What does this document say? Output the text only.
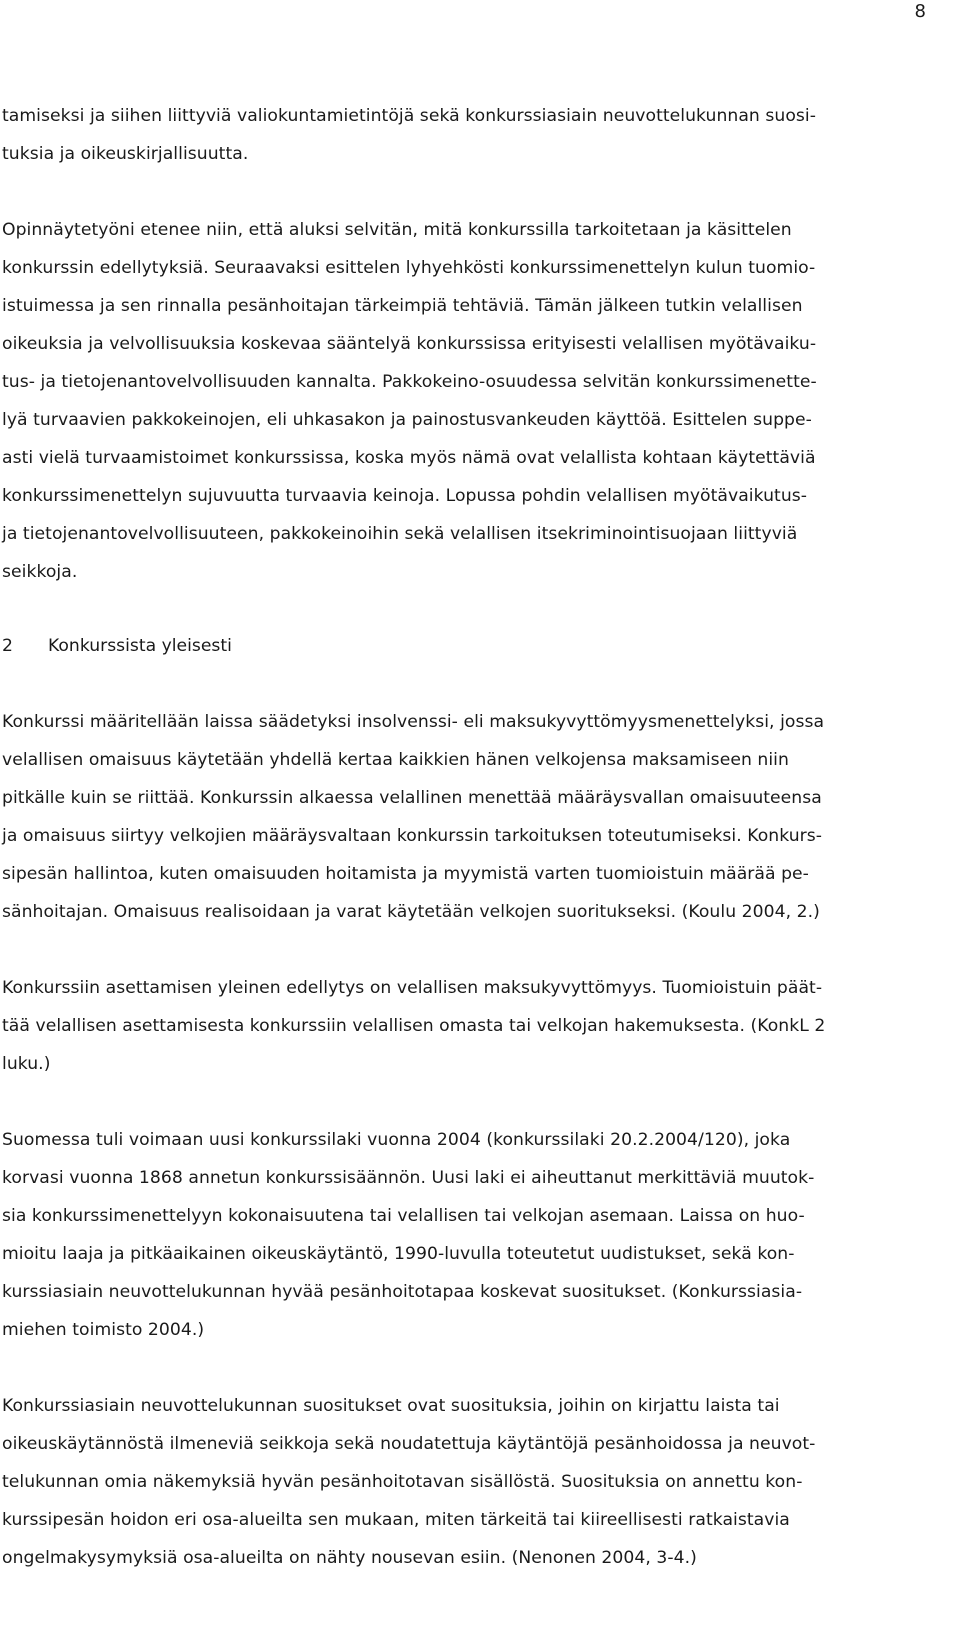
8
tamiseksi ja siihen liittyviä valiokuntamietintöjä sekä konkurssiasiain neuvottelukunnan suosi-
tuksia ja oikeuskirjallisuutta.
Opinnäytetyöni etenee niin, että aluksi selvitän, mitä konkurssilla tarkoitetaan ja käsittelen
konkurssin edellytyksiä. Seuraavaksi esittelen lyhyehkösti konkurssimenettelyn kulun tuomio-
istuimessa ja sen rinnalla pesänhoitajan tärkeimpiä tehtäviä. Tämän jälkeen tutkin velallisen
oikeuksia ja velvollisuuksia koskevaa sääntelyä konkurssissa erityisesti velallisen myötävaiku-
tus- ja tietojenantovelvollisuuden kannalta. Pakkokeino-osuudessa selvitän konkurssimenette-
lyä turvaavien pakkokeinojen, eli uhkasakon ja painostusvankeuden käyttöä. Esittelen suppe-
asti vielä turvaamistoimet konkurssissa, koska myös nämä ovat velallista kohtaan käytettäviä
konkurssimenettelyn sujuvuutta turvaavia keinoja. Lopussa pohdin velallisen myötävaikutus-
ja tietojenantovelvollisuuteen, pakkokeinoihin sekä velallisen itsekriminointisuojaan liittyviä
seikkoja.
2 Konkurssista yleisesti
Konkurssi määritellään laissa säädetyksi insolvenssi- eli maksukyvyttömyysmenettelyksi, jossa
velallisen omaisuus käytetään yhdellä kertaa kaikkien hänen velkojensa maksamiseen niin
pitkälle kuin se riittää. Konkurssin alkaessa velallinen menettää määräysvallan omaisuuteensa
ja omaisuus siirtyy velkojien määräysvaltaan konkurssin tarkoituksen toteutumiseksi. Konkurs-
sipesän hallintoa, kuten omaisuuden hoitamista ja myymistä varten tuomioistuin määrää pe-
sänhoitajan. Omaisuus realisoidaan ja varat käytetään velkojen suoritukseksi. (Koulu 2004, 2.)
Konkurssiin asettamisen yleinen edellytys on velallisen maksukyvyttömyys. Tuomioistuin päät-
tää velallisen asettamisesta konkurssiin velallisen omasta tai velkojan hakemuksesta. (KonkL 2
luku.)
Suomessa tuli voimaan uusi konkurssilaki vuonna 2004 (konkurssilaki 20.2.2004/120), joka
korvasi vuonna 1868 annetun konkurssisäännön. Uusi laki ei aiheuttanut merkittäviä muutok-
sia konkurssimenettelyyn kokonaisuutena tai velallisen tai velkojan asemaan. Laissa on huo-
mioitu laaja ja pitkäaikainen oikeuskäytäntö, 1990-luvulla toteutetut uudistukset, sekä kon-
kurssiasiain neuvottelukunnan hyvää pesänhoitotapaa koskevat suositukset. (Konkurssiasia-
miehen toimisto 2004.)
Konkurssiasiain neuvottelukunnan suositukset ovat suosituksia, joihin on kirjattu laista tai
oikeuskäytännöstä ilmeneviä seikkoja sekä noudatettuja käytäntöjä pesänhoidossa ja neuvot-
telukunnan omia näkemyksiä hyvän pesänhoitotavan sisällöstä. Suosituksia on annettu kon-
kurssipesän hoidon eri osa-alueilta sen mukaan, miten tärkeitä tai kiireellisesti ratkaistavia
ongelmakysymyksiä osa-alueilta on nähty nousevan esiin. (Nenonen 2004, 3-4.)
